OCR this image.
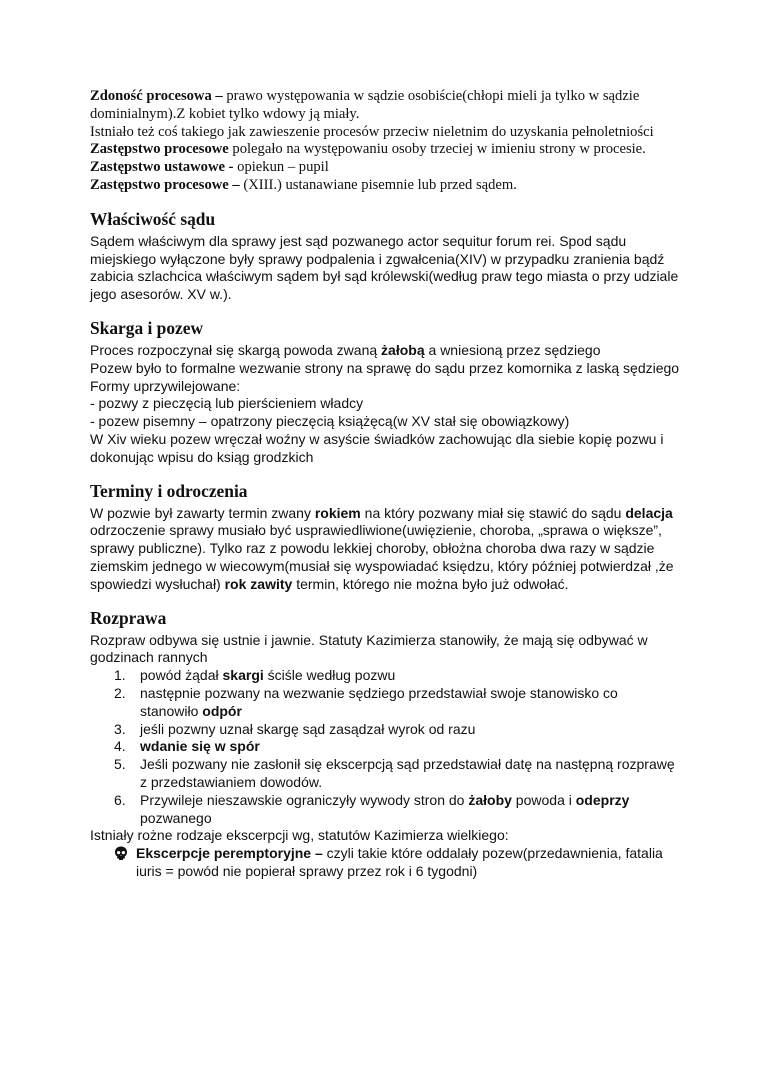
Zdoność procesowa – prawo występowania w sądzie osobiście(chłopi mieli ja tylko w sądzie dominialnym).Z kobiet tylko wdowy ją miały.

Istniało też coś takiego jak zawieszenie procesów przeciw nieletnim do uzyskania pełnoletniości

Zastępstwo procesowe polegało na występowaniu osoby trzeciej w imieniu strony w procesie.

Zastępstwo ustawowe - opiekun – pupil

Zastępstwo procesowe – (XIII.) ustanawiane pisemnie lub przed sądem.

Właściwość sądu

Sądem właściwym dla sprawy jest sąd pozwanego actor sequitur forum rei. Spod sądu miejskiego wyłączone były sprawy podpalenia i zgwałcenia(XIV) w przypadku zranienia bądź zabicia szlachcica właściwym sądem był sąd królewski(według praw tego miasta o przy udziale jego asesorów. XV w.).

Skarga i pozew

Proces rozpoczynał się skargą powoda zwaną żałobą a wniesioną przez sędziego

Pozew było to formalne wezwanie strony na sprawę do sądu przez komornika z laską sędziego

Formy uprzywilejowane:

- pozwy z pieczęcią lub pierścieniem władcy

- pozew pisemny – opatrzony pieczęcią książęcą(w XV stał się obowiązkowy)

W Xiv wieku pozew wręczał woźny w asyście świadków zachowując dla siebie kopię pozwu i dokonując wpisu do ksiąg grodzkich

Terminy i odroczenia

W pozwie był zawarty termin zwany rokiem na który pozwany miał się stawić do sądu delacja odrzoczenie sprawy musiało być usprawiedliwione(uwięzienie, choroba, „sprawa o większe”, sprawy publiczne). Tylko raz z powodu lekkiej choroby, obłożna choroba dwa razy w sądzie ziemskim jednego w wiecowym(musiał się wyspowiadać księdzu, który później potwierdzał ,że spowiedzi wysłuchał) rok zawity termin, którego nie można było już odwołać.

Rozprawa

Rozpraw odbywa się ustnie i jawnie. Statuty Kazimierza stanowiły, że mają się odbywać w godzinach rannych

1. powód żądał skargi ściśle według pozwu
2. następnie pozwany na wezwanie sędziego przedstawiał swoje stanowisko co stanowiło odpór
3. jeśli pozwny uznał skargę sąd zasądzał wyrok od razu
4. wdanie się w spór
5. Jeśli pozwany nie zasłonił się ekscerpcją sąd przedstawiał datę na następną rozprawę z przedstawianiem dowodów.
6. Przywileje nieszawskie ograniczyły wywody stron do żałoby powoda i odeprzy pozwanego

Istniały rożne rodzaje ekscerpcji wg, statutów Kazimierza wielkiego:

Ekscerpcje peremptoryjne – czyli takie które oddalały pozew(przedawnienia, fatalia iuris = powód nie popierał sprawy przez rok i 6 tygodni)
